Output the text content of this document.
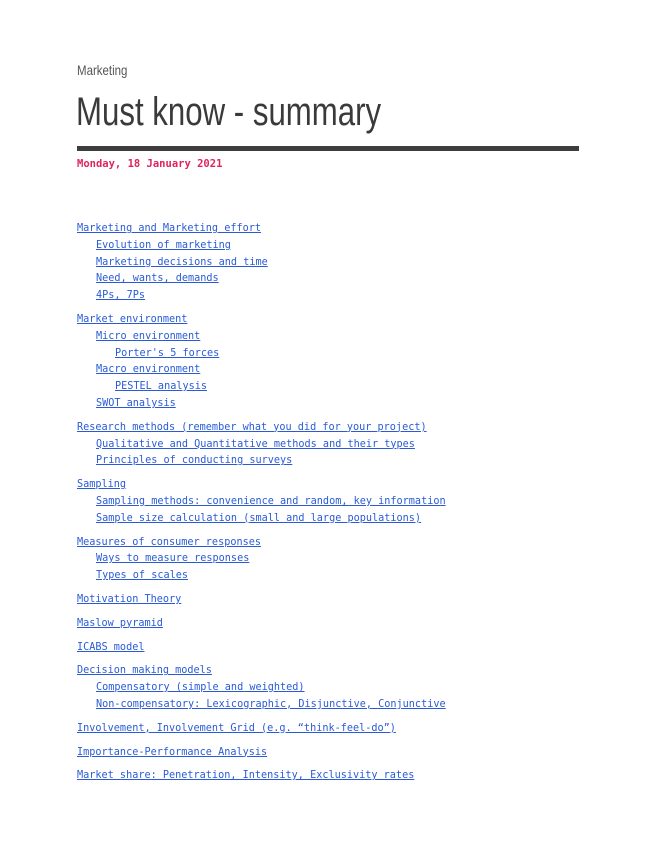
Marketing
Must know - summary
Monday, 18 January 2021
Marketing and Marketing effort
Evolution of marketing
Marketing decisions and time
Need, wants, demands
4Ps, 7Ps
Market environment
Micro environment
Porter's 5 forces
Macro environment
PESTEL analysis
SWOT analysis
Research methods (remember what you did for your project)
Qualitative and Quantitative methods and their types
Principles of conducting surveys
Sampling
Sampling methods: convenience and random, key information
Sample size calculation (small and large populations)
Measures of consumer responses
Ways to measure responses
Types of scales
Motivation Theory
Maslow pyramid
ICABS model
Decision making models
Compensatory (simple and weighted)
Non-compensatory: Lexicographic, Disjunctive, Conjunctive
Involvement, Involvement Grid (e.g. “think-feel-do”)
Importance-Performance Analysis
Market share: Penetration, Intensity, Exclusivity rates
